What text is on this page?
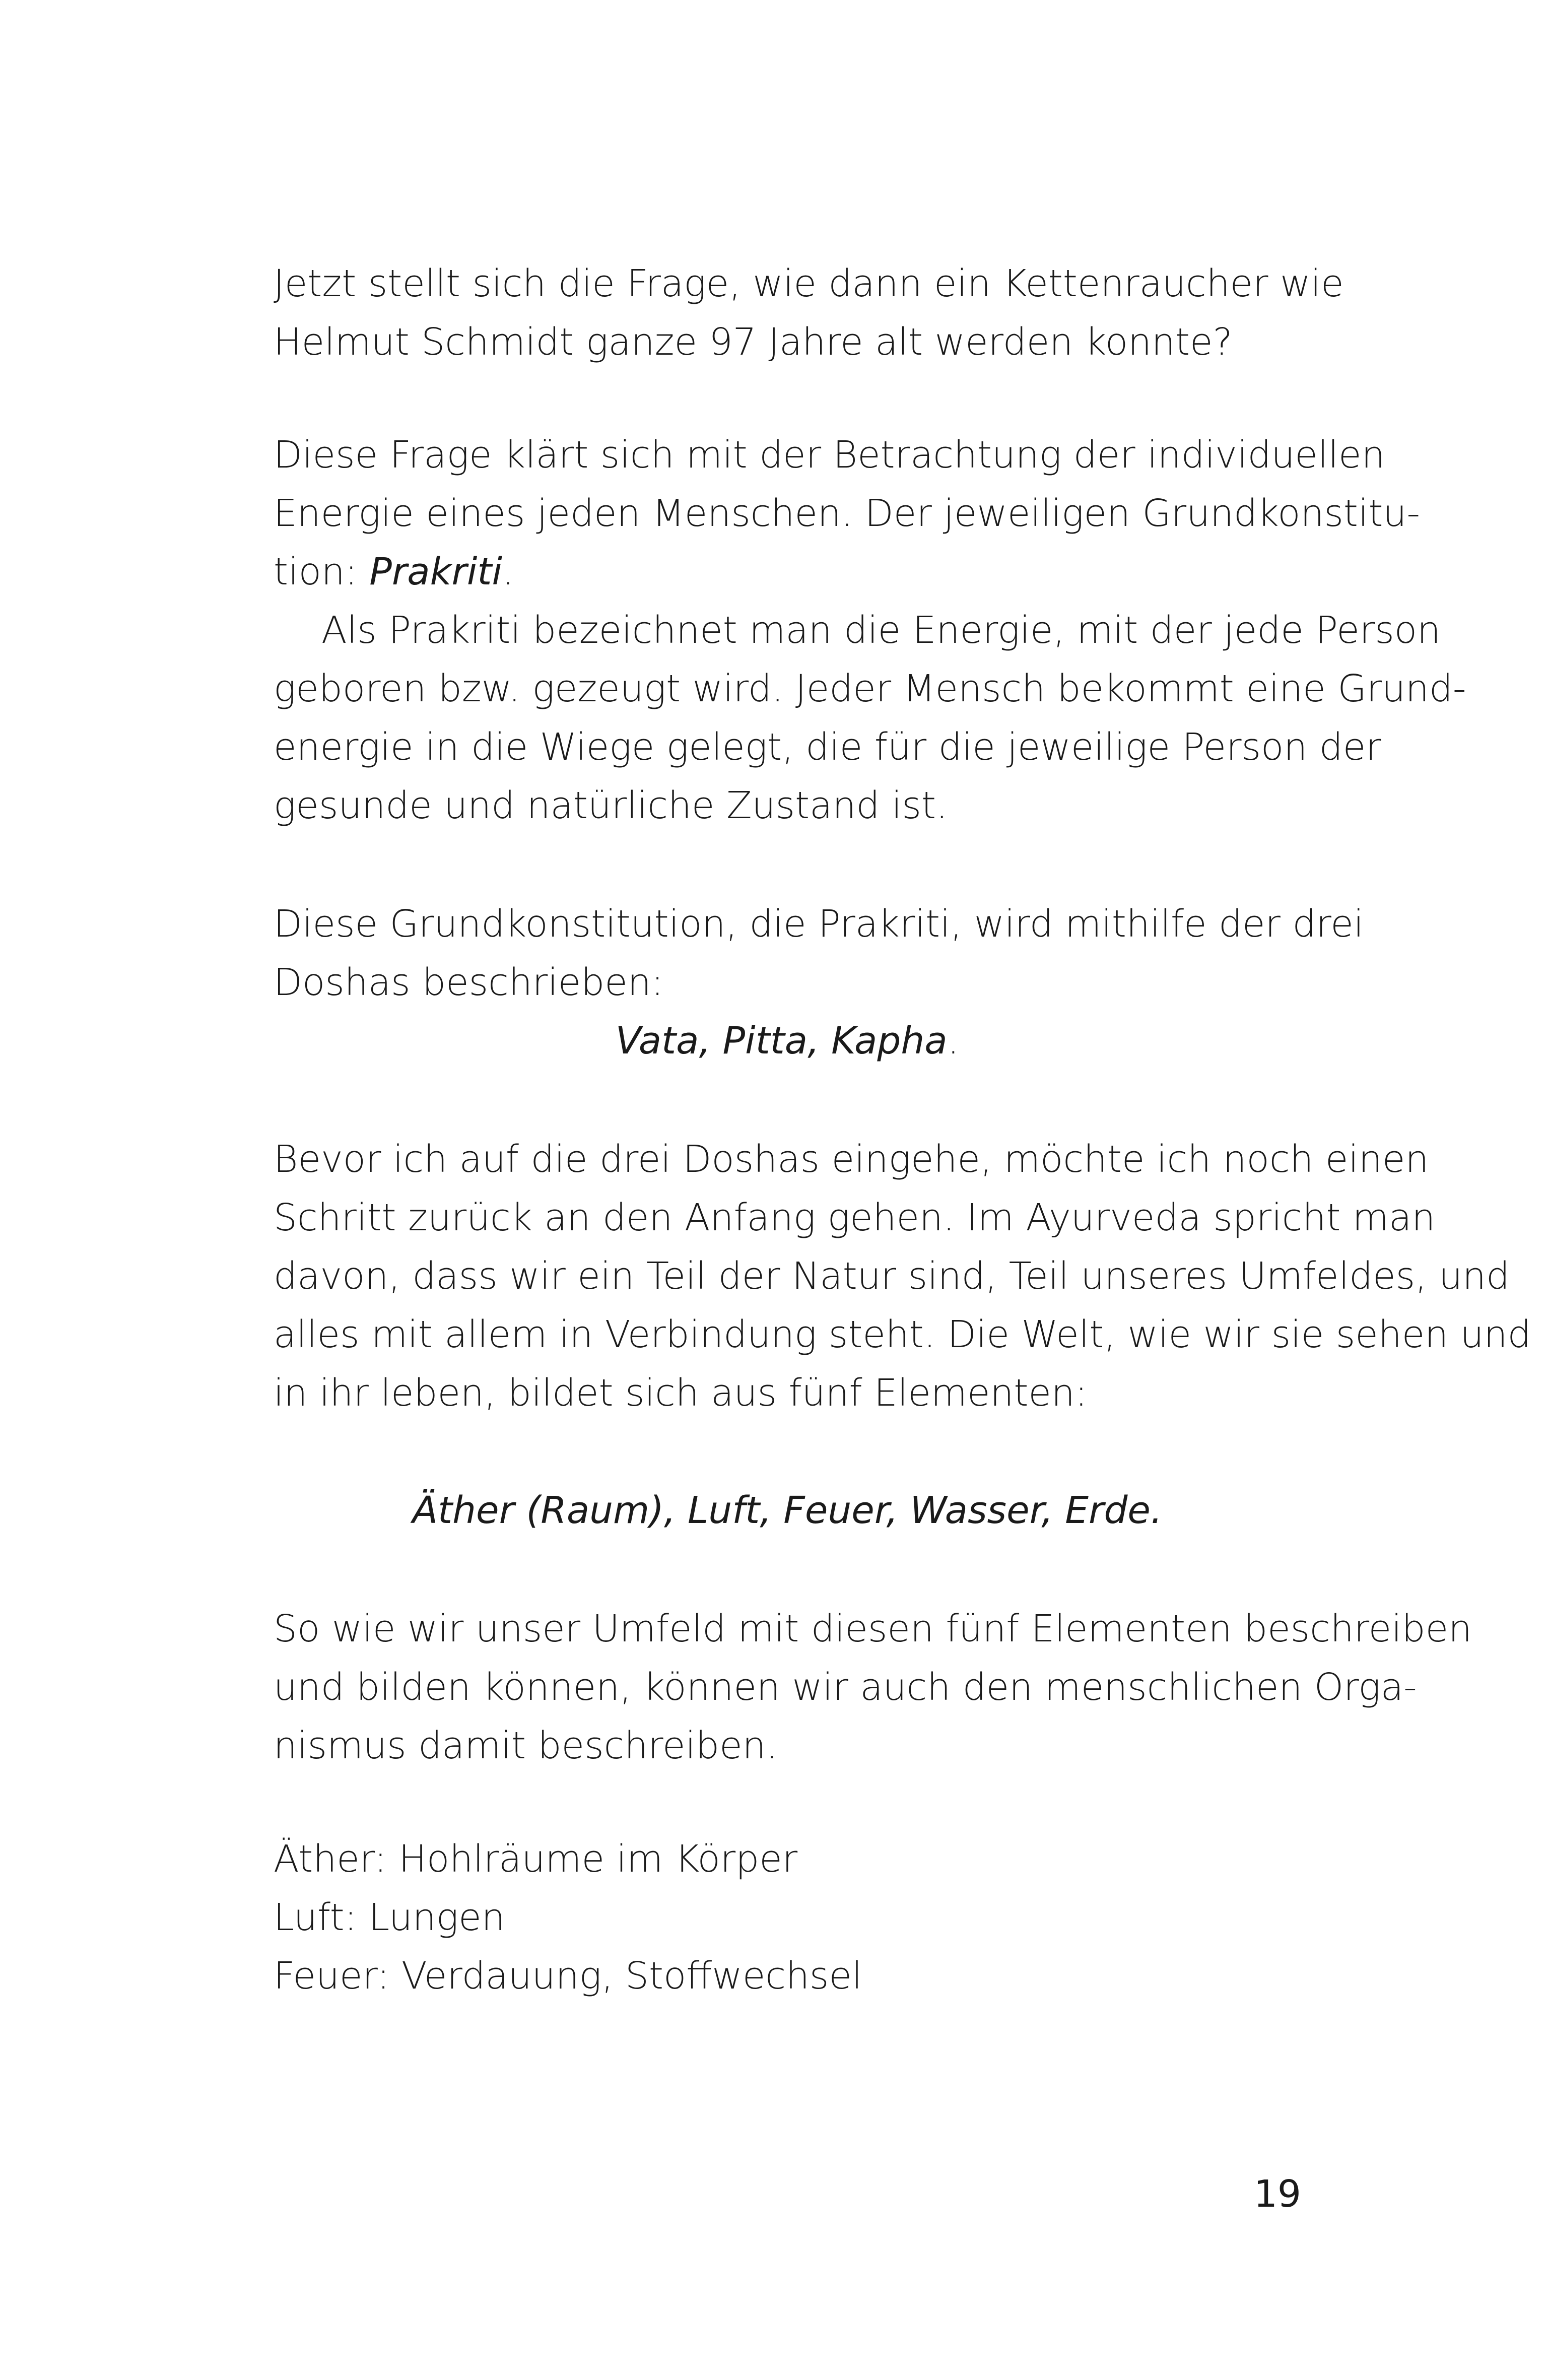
Jetzt stellt sich die Frage, wie dann ein Kettenraucher wie
Helmut Schmidt ganze 97 Jahre alt werden konnte?
Diese Frage klärt sich mit der Betrachtung der individuellen
Energie eines jeden Menschen. Der jeweiligen Grundkonstitu-
tion: Prakriti.
Als Prakriti bezeichnet man die Energie, mit der jede Person
geboren bzw. gezeugt wird. Jeder Mensch bekommt eine Grund-
energie in die Wiege gelegt, die für die jeweilige Person der
gesunde und natürliche Zustand ist.
Diese Grundkonstitution, die Prakriti, wird mithilfe der drei
Doshas beschrieben:
Vata, Pitta, Kapha.
Bevor ich auf die drei Doshas eingehe, möchte ich noch einen
Schritt zurück an den Anfang gehen. Im Ayurveda spricht man
davon, dass wir ein Teil der Natur sind, Teil unseres Umfeldes, und
alles mit allem in Verbindung steht. Die Welt, wie wir sie sehen und
in ihr leben, bildet sich aus fünf Elementen:
Äther (Raum), Luft, Feuer, Wasser, Erde.
So wie wir unser Umfeld mit diesen fünf Elementen beschreiben
und bilden können, können wir auch den menschlichen Orga-
nismus damit beschreiben.
Äther: Hohlräume im Körper
Luft: Lungen
Feuer: Verdauung, Stoffwechsel
19
